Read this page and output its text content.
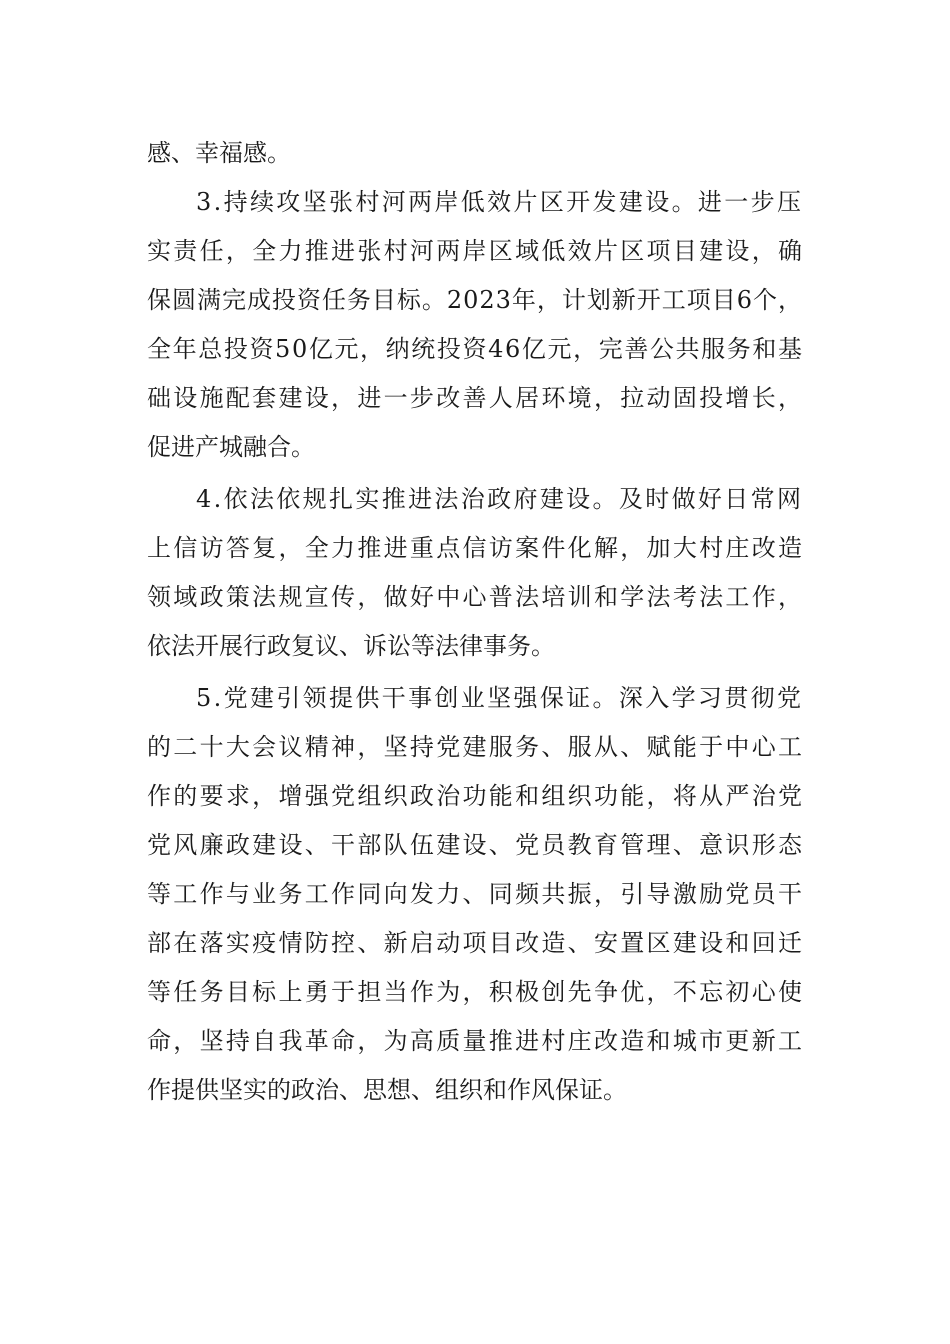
感、幸福感。
3.持续攻坚张村河两岸低效片区开发建设。进一步压
实责任，全力推进张村河两岸区域低效片区项目建设，确
保圆满完成投资任务目标。2023年，计划新开工项目6个，
全年总投资50亿元，纳统投资46亿元，完善公共服务和基
础设施配套建设，进一步改善人居环境，拉动固投增长，
促进产城融合。
4.依法依规扎实推进法治政府建设。及时做好日常网
上信访答复，全力推进重点信访案件化解，加大村庄改造
领域政策法规宣传，做好中心普法培训和学法考法工作，
依法开展行政复议、诉讼等法律事务。
5.党建引领提供干事创业坚强保证。深入学习贯彻党
的二十大会议精神，坚持党建服务、服从、赋能于中心工
作的要求，增强党组织政治功能和组织功能，将从严治党
党风廉政建设、干部队伍建设、党员教育管理、意识形态
等工作与业务工作同向发力、同频共振，引导激励党员干
部在落实疫情防控、新启动项目改造、安置区建设和回迁
等任务目标上勇于担当作为，积极创先争优，不忘初心使
命，坚持自我革命，为高质量推进村庄改造和城市更新工
作提供坚实的政治、思想、组织和作风保证。
